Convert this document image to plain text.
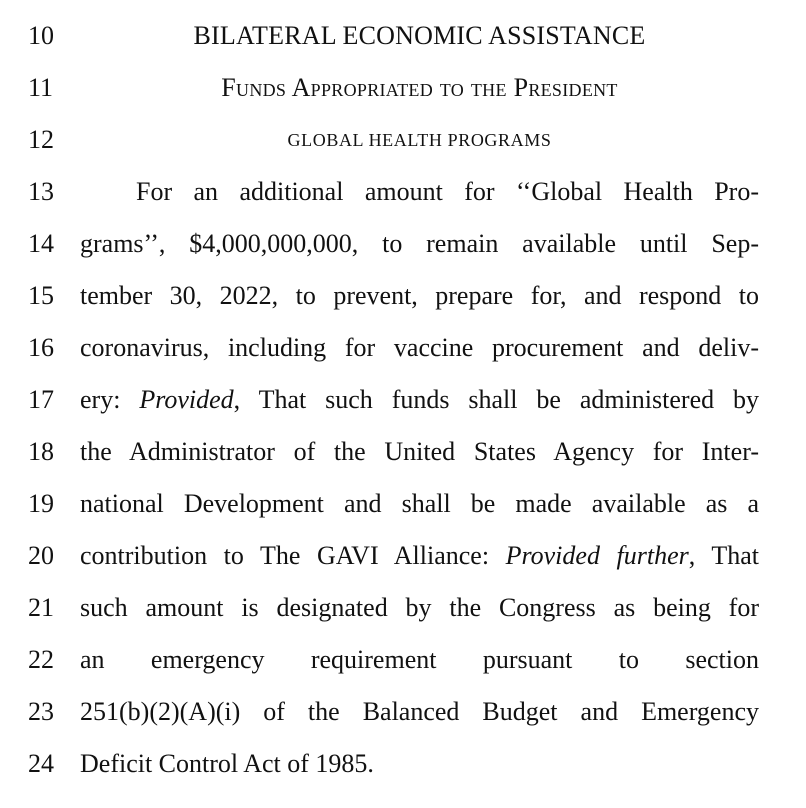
10	BILATERAL ECONOMIC ASSISTANCE
11	Funds Appropriated to the President
12	GLOBAL HEALTH PROGRAMS
13	For an additional amount for ‘‘Global Health Pro-
14	grams’’, $4,000,000,000, to remain available until Sep-
15	tember 30, 2022, to prevent, prepare for, and respond to
16	coronavirus, including for vaccine procurement and deliv-
17	ery: Provided, That such funds shall be administered by
18	the Administrator of the United States Agency for Inter-
19	national Development and shall be made available as a
20	contribution to The GAVI Alliance: Provided further, That
21	such amount is designated by the Congress as being for
22	an emergency requirement pursuant to section
23	251(b)(2)(A)(i) of the Balanced Budget and Emergency
24	Deficit Control Act of 1985.
